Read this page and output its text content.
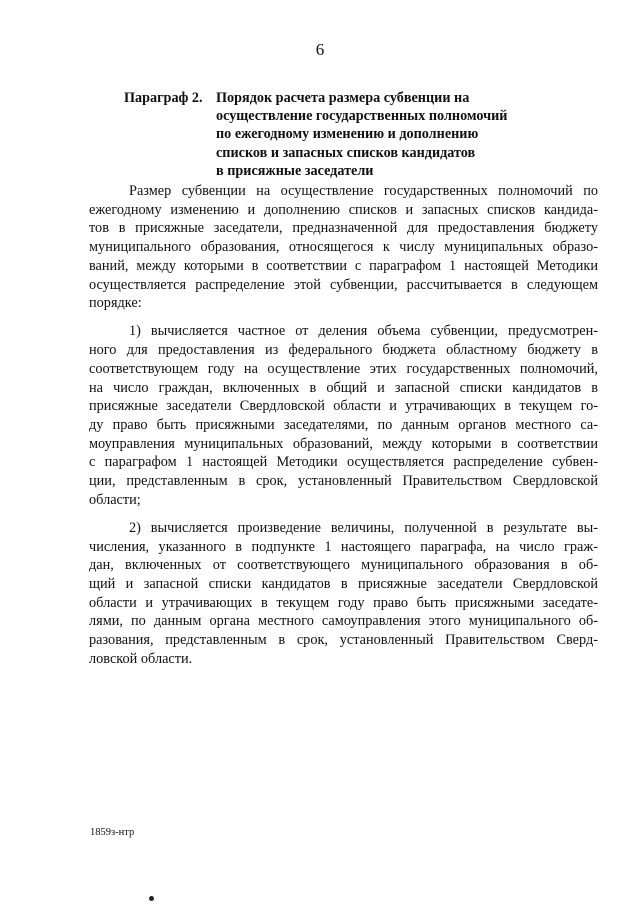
6
Параграф 2. Порядок расчета размера субвенции на
осуществление государственных полномочий
по ежегодному изменению и дополнению
списков и запасных списков кандидатов
в присяжные заседатели
Размер субвенции на осуществление государственных полномочий по
ежегодному изменению и дополнению списков и запасных списков кандида-
тов в присяжные заседатели, предназначенной для предоставления бюджету
муниципального образования, относящегося к числу муниципальных образо-
ваний, между которыми в соответствии с параграфом 1 настоящей Методики
осуществляется распределение этой субвенции, рассчитывается в следующем
порядке:
1) вычисляется частное от деления объема субвенции, предусмотрен-
ного для предоставления из федерального бюджета областному бюджету в
соответствующем году на осуществление этих государственных полномочий,
на число граждан, включенных в общий и запасной списки кандидатов в
присяжные заседатели Свердловской области и утрачивающих в текущем го-
ду право быть присяжными заседателями, по данным органов местного са-
моуправления муниципальных образований, между которыми в соответствии
с параграфом 1 настоящей Методики осуществляется распределение субвен-
ции, представленным в срок, установленный Правительством Свердловской
области;
2) вычисляется произведение величины, полученной в результате вы-
числения, указанного в подпункте 1 настоящего параграфа, на число граж-
дан, включенных от соответствующего муниципального образования в об-
щий и запасной списки кандидатов в присяжные заседатели Свердловской
области и утрачивающих в текущем году право быть присяжными заседате-
лями, по данным органа местного самоуправления этого муниципального об-
разования, представленным в срок, установленный Правительством Сверд-
ловской области.
1859з-нтр
